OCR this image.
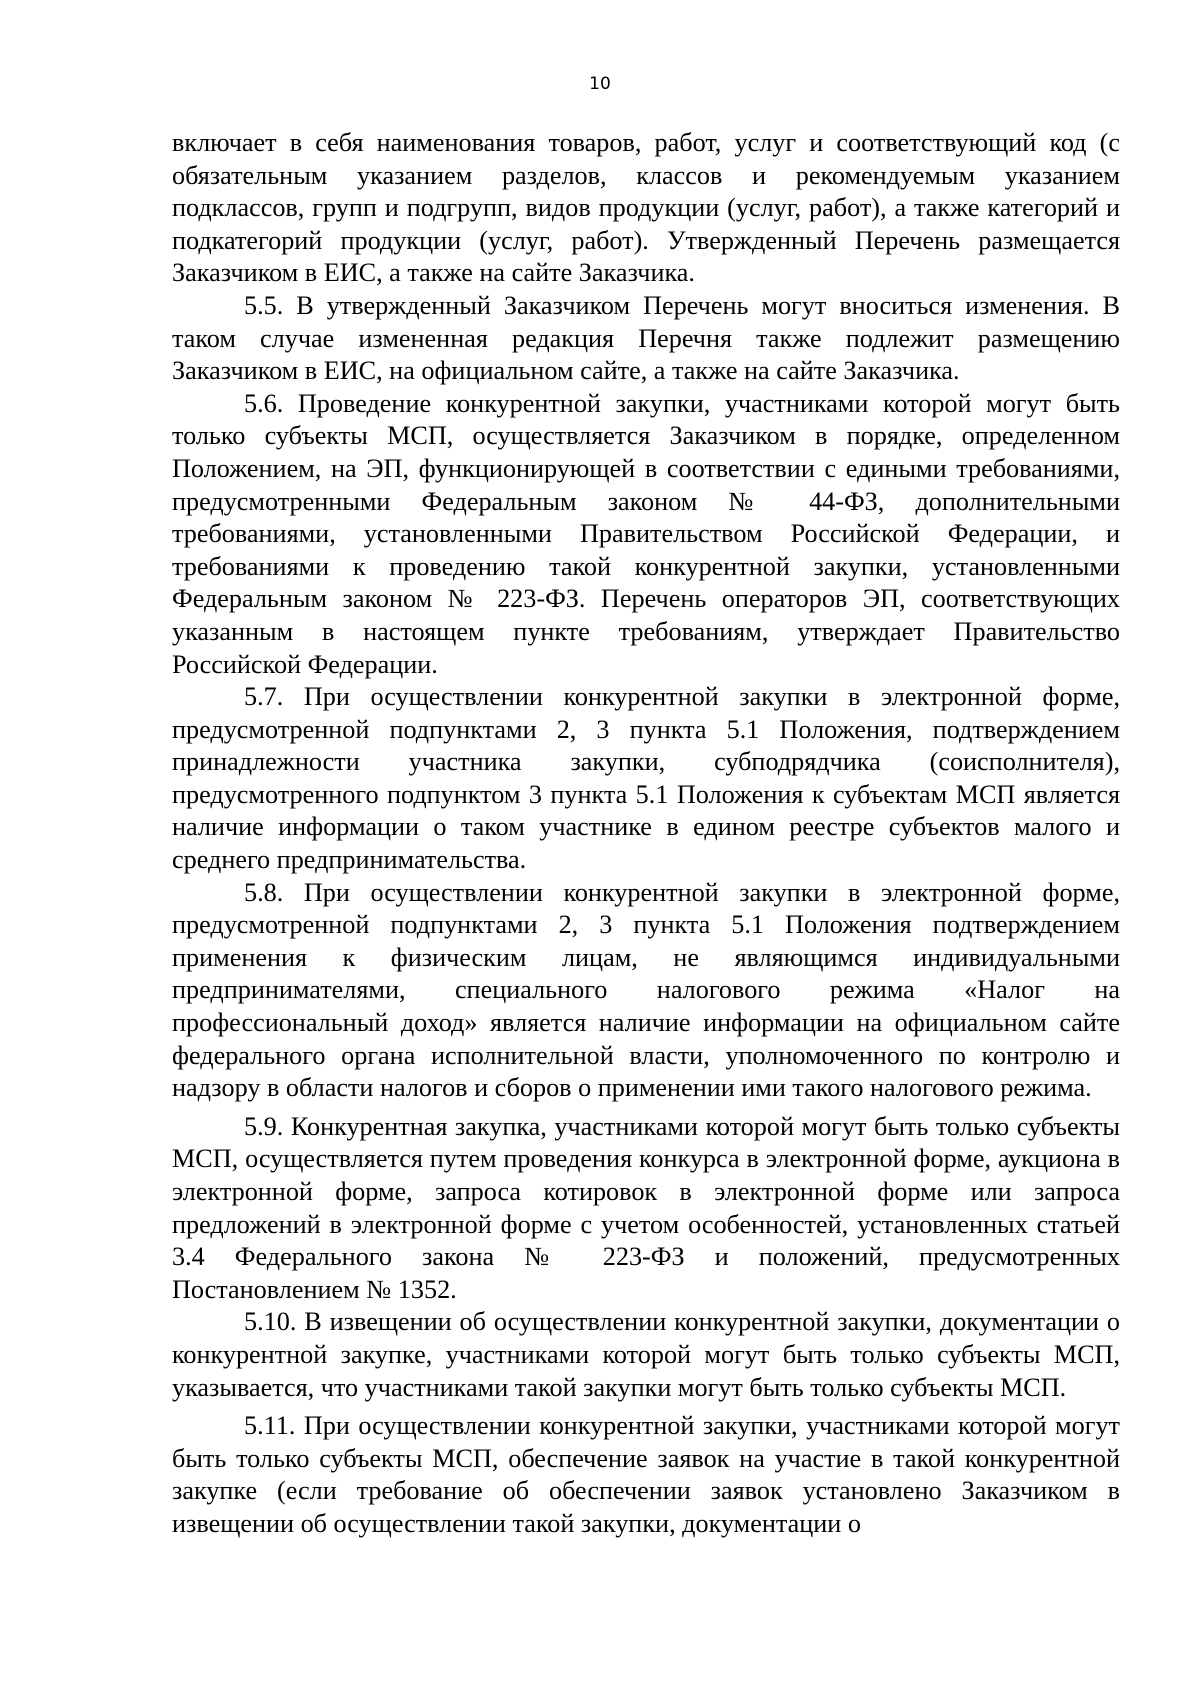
10

включает в себя наименования товаров, работ, услуг и соответствующий код (с обязательным указанием разделов, классов и рекомендуемым указанием подклассов, групп и подгрупп, видов продукции (услуг, работ), а также категорий и подкатегорий продукции (услуг, работ). Утвержденный Перечень размещается Заказчиком в ЕИС, а также на сайте Заказчика.

5.5. В утвержденный Заказчиком Перечень могут вноситься изменения. В таком случае измененная редакция Перечня также подлежит размещению Заказчиком в ЕИС, на официальном сайте, а также на сайте Заказчика.

5.6. Проведение конкурентной закупки, участниками которой могут быть только субъекты МСП, осуществляется Заказчиком в порядке, определенном Положением, на ЭП, функционирующей в соответствии с едиными требованиями, предусмотренными Федеральным законом № 44-ФЗ, дополнительными требованиями, установленными Правительством Российской Федерации, и требованиями к проведению такой конкурентной закупки, установленными Федеральным законом № 223-ФЗ. Перечень операторов ЭП, соответствующих указанным в настоящем пункте требованиям, утверждает Правительство Российской Федерации.

5.7. При осуществлении конкурентной закупки в электронной форме, предусмотренной подпунктами 2, 3 пункта 5.1 Положения, подтверждением принадлежности участника закупки, субподрядчика (соисполнителя), предусмотренного подпунктом 3 пункта 5.1 Положения к субъектам МСП является наличие информации о таком участнике в едином реестре субъектов малого и среднего предпринимательства.

5.8. При осуществлении конкурентной закупки в электронной форме, предусмотренной подпунктами 2, 3 пункта 5.1 Положения подтверждением применения к физическим лицам, не являющимся индивидуальными предпринимателями, специального налогового режима «Налог на профессиональный доход» является наличие информации на официальном сайте федерального органа исполнительной власти, уполномоченного по контролю и надзору в области налогов и сборов о применении ими такого налогового режима.

5.9. Конкурентная закупка, участниками которой могут быть только субъекты МСП, осуществляется путем проведения конкурса в электронной форме, аукциона в электронной форме, запроса котировок в электронной форме или запроса предложений в электронной форме с учетом особенностей, установленных статьей 3.4 Федерального закона № 223-ФЗ и положений, предусмотренных Постановлением № 1352.

5.10. В извещении об осуществлении конкурентной закупки, документации о конкурентной закупке, участниками которой могут быть только субъекты МСП, указывается, что участниками такой закупки могут быть только субъекты МСП.

5.11. При осуществлении конкурентной закупки, участниками которой могут быть только субъекты МСП, обеспечение заявок на участие в такой конкурентной закупке (если требование об обеспечении заявок установлено Заказчиком в извещении об осуществлении такой закупки, документации о
